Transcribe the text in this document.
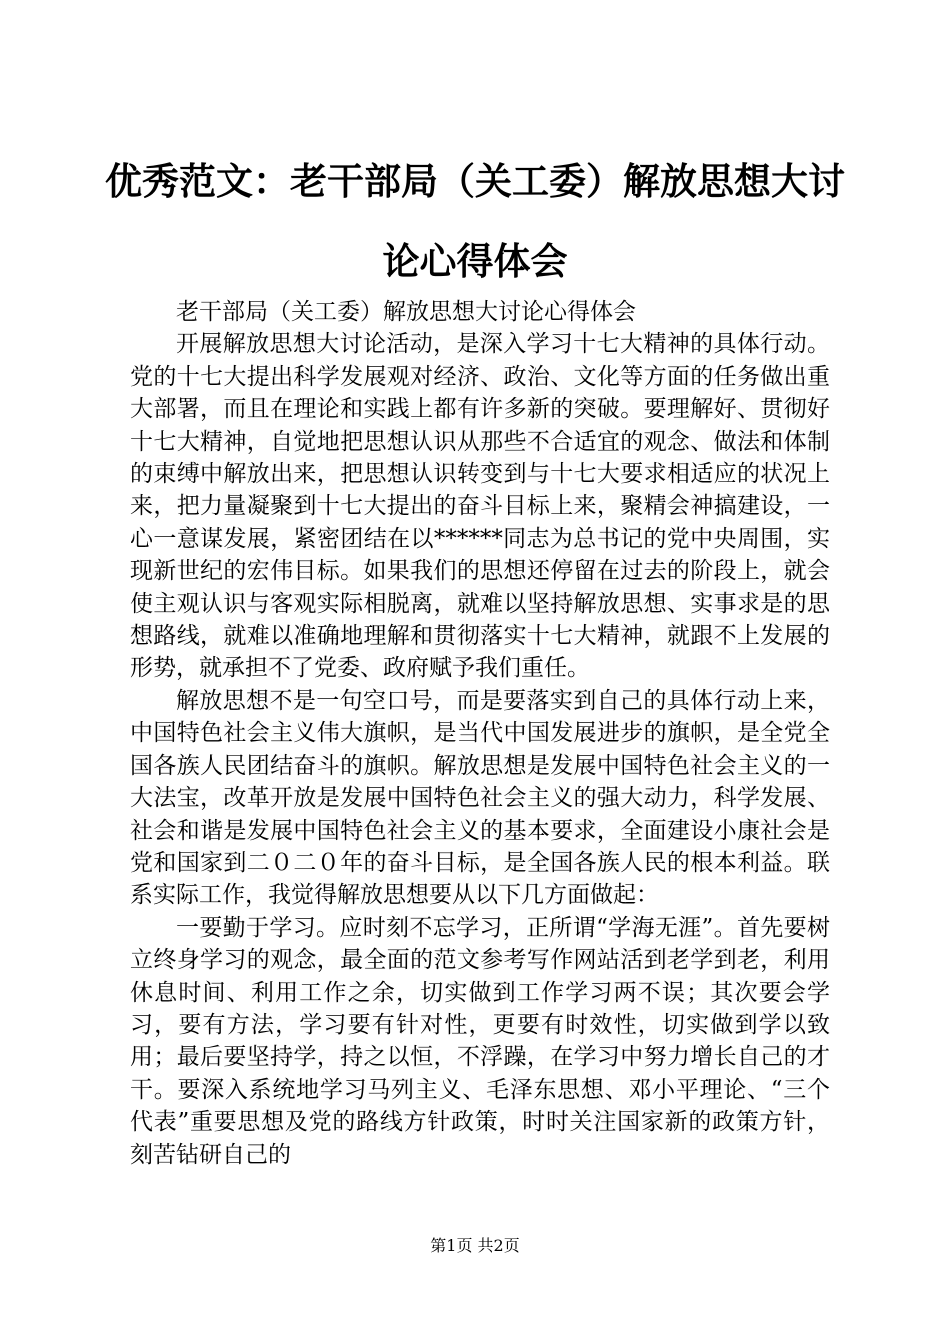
优秀范文：老干部局（关工委）解放思想大讨
论心得体会

老干部局（关工委）解放思想大讨论心得体会

开展解放思想大讨论活动，是深入学习十七大精神的具体行动。党的十七大提出科学发展观对经济、政治、文化等方面的任务做出重大部署，而且在理论和实践上都有许多新的突破。要理解好、贯彻好十七大精神，自觉地把思想认识从那些不合适宜的观念、做法和体制的束缚中解放出来，把思想认识转变到与十七大要求相适应的状况上来，把力量凝聚到十七大提出的奋斗目标上来，聚精会神搞建设，一心一意谋发展，紧密团结在以******同志为总书记的党中央周围，实现新世纪的宏伟目标。如果我们的思想还停留在过去的阶段上，就会使主观认识与客观实际相脱离，就难以坚持解放思想、实事求是的思想路线，就难以准确地理解和贯彻落实十七大精神，就跟不上发展的形势，就承担不了党委、政府赋予我们重任。

解放思想不是一句空口号，而是要落实到自己的具体行动上来，中国特色社会主义伟大旗帜，是当代中国发展进步的旗帜，是全党全国各族人民团结奋斗的旗帜。解放思想是发展中国特色社会主义的一大法宝，改革开放是发展中国特色社会主义的强大动力，科学发展、社会和谐是发展中国特色社会主义的基本要求，全面建设小康社会是党和国家到二０二０年的奋斗目标，是全国各族人民的根本利益。联系实际工作，我觉得解放思想要从以下几方面做起：

一要勤于学习。应时刻不忘学习，正所谓“学海无涯”。首先要树立终身学习的观念，最全面的范文参考写作网站活到老学到老，利用休息时间、利用工作之余，切实做到工作学习两不误；其次要会学习，要有方法，学习要有针对性，更要有时效性，切实做到学以致用；最后要坚持学，持之以恒，不浮躁，在学习中努力增长自己的才干。要深入系统地学习马列主义、毛泽东思想、邓小平理论、“三个代表”重要思想及党的路线方针政策，时时关注国家新的政策方针，刻苦钻研自己的

第1页 共2页
